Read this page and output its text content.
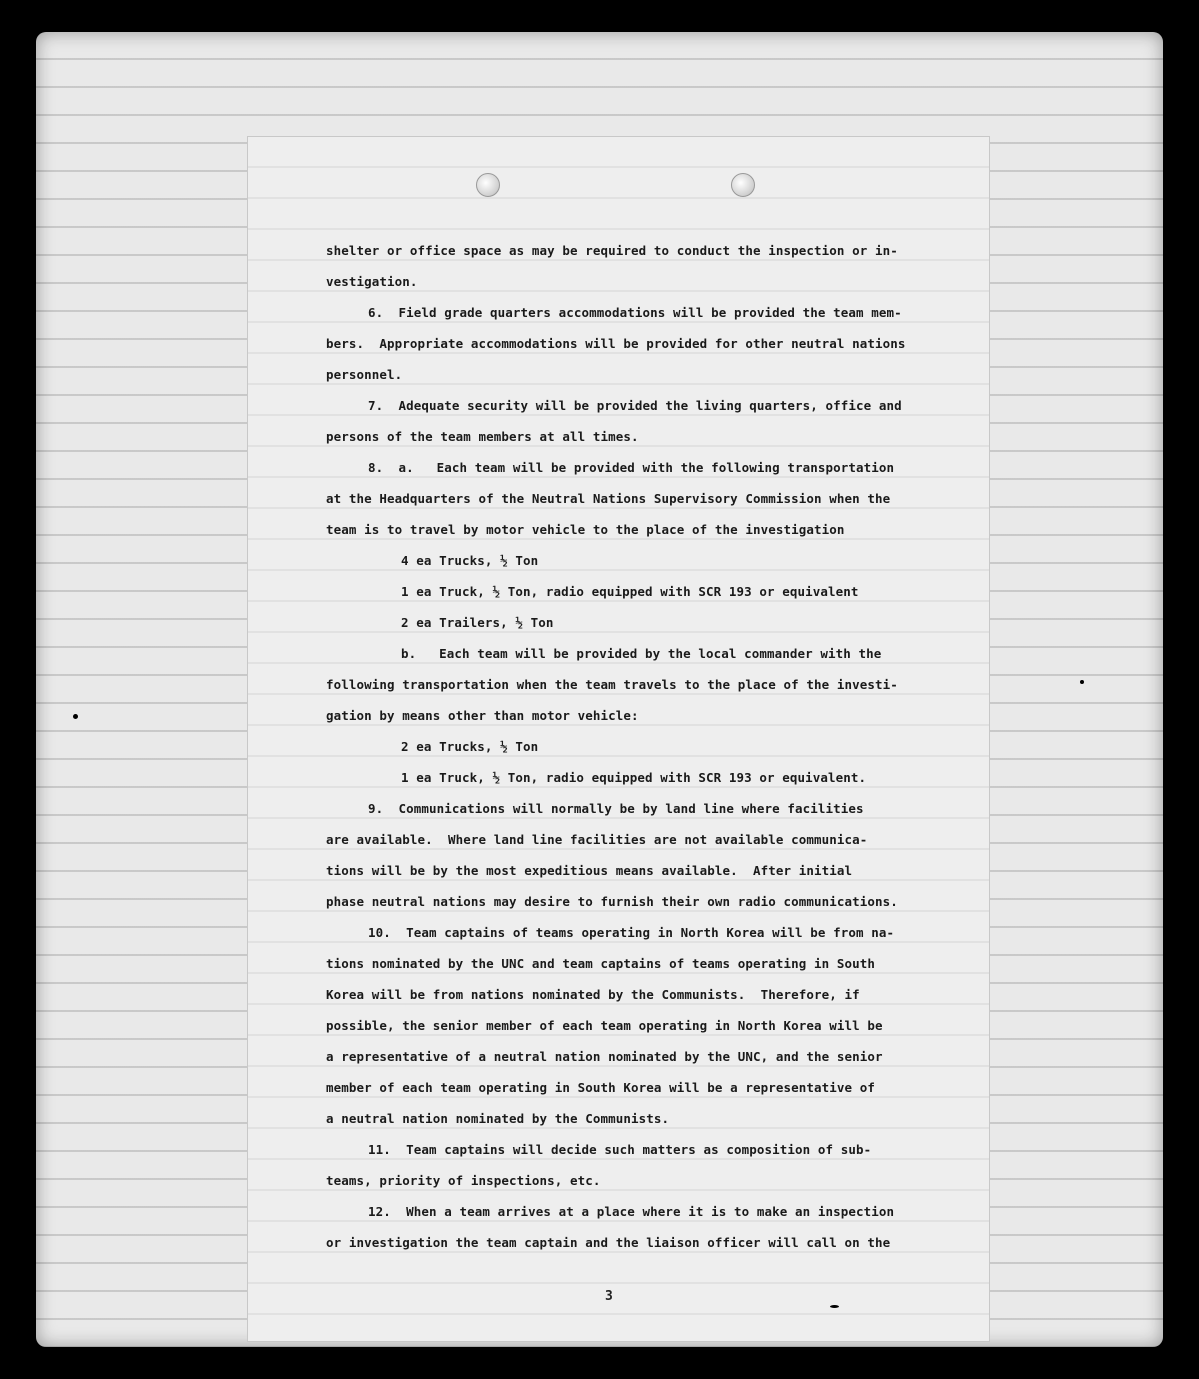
shelter or office space as may be required to conduct the inspection or in-
vestigation.
6.  Field grade quarters accommodations will be provided the team mem-
bers.  Appropriate accommodations will be provided for other neutral nations
personnel.
7.  Adequate security will be provided the living quarters, office and
persons of the team members at all times.
8.  a.   Each team will be provided with the following transportation
at the Headquarters of the Neutral Nations Supervisory Commission when the
team is to travel by motor vehicle to the place of the investigation
4 ea Trucks, ½ Ton
1 ea Truck, ½ Ton, radio equipped with SCR 193 or equivalent
2 ea Trailers, ½ Ton
b.   Each team will be provided by the local commander with the
following transportation when the team travels to the place of the investi-
gation by means other than motor vehicle:
2 ea Trucks, ½ Ton
1 ea Truck, ½ Ton, radio equipped with SCR 193 or equivalent.
9.  Communications will normally be by land line where facilities
are available.  Where land line facilities are not available communica-
tions will be by the most expeditious means available.  After initial
phase neutral nations may desire to furnish their own radio communications.
10.  Team captains of teams operating in North Korea will be from na-
tions nominated by the UNC and team captains of teams operating in South
Korea will be from nations nominated by the Communists.  Therefore, if
possible, the senior member of each team operating in North Korea will be
a representative of a neutral nation nominated by the UNC, and the senior
member of each team operating in South Korea will be a representative of
a neutral nation nominated by the Communists.
11.  Team captains will decide such matters as composition of sub-
teams, priority of inspections, etc.
12.  When a team arrives at a place where it is to make an inspection
or investigation the team captain and the liaison officer will call on the
3
